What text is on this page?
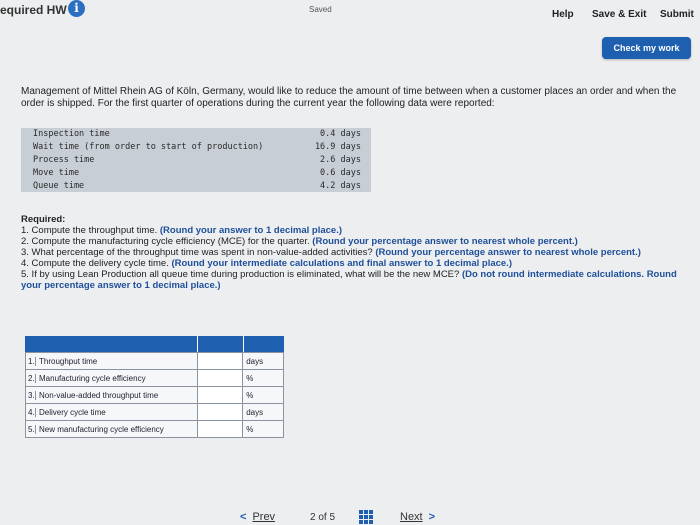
equired HW i	Saved	Help Save & Exit Submit
Check my work
Management of Mittel Rhein AG of Köln, Germany, would like to reduce the amount of time between when a customer places an order and when the order is shipped. For the first quarter of operations during the current year the following data were reported:
Inspection time	0.4 days
Wait time (from order to start of production)	16.9 days
Process time	2.6 days
Move time	0.6 days
Queue time	4.2 days
Required:
1. Compute the throughput time. (Round your answer to 1 decimal place.)
2. Compute the manufacturing cycle efficiency (MCE) for the quarter. (Round your percentage answer to nearest whole percent.)
3. What percentage of the throughput time was spent in non-value-added activities? (Round your percentage answer to nearest whole percent.)
4. Compute the delivery cycle time. (Round your intermediate calculations and final answer to 1 decimal place.)
5. If by using Lean Production all queue time during production is eliminated, what will be the new MCE? (Do not round intermediate calculations. Round your percentage answer to 1 decimal place.)
1. Throughput time		days
2. Manufacturing cycle efficiency		%
3. Non-value-added throughput time		%
4. Delivery cycle time		days
5. New manufacturing cycle efficiency		%
< Prev	2 of 5	Next >
